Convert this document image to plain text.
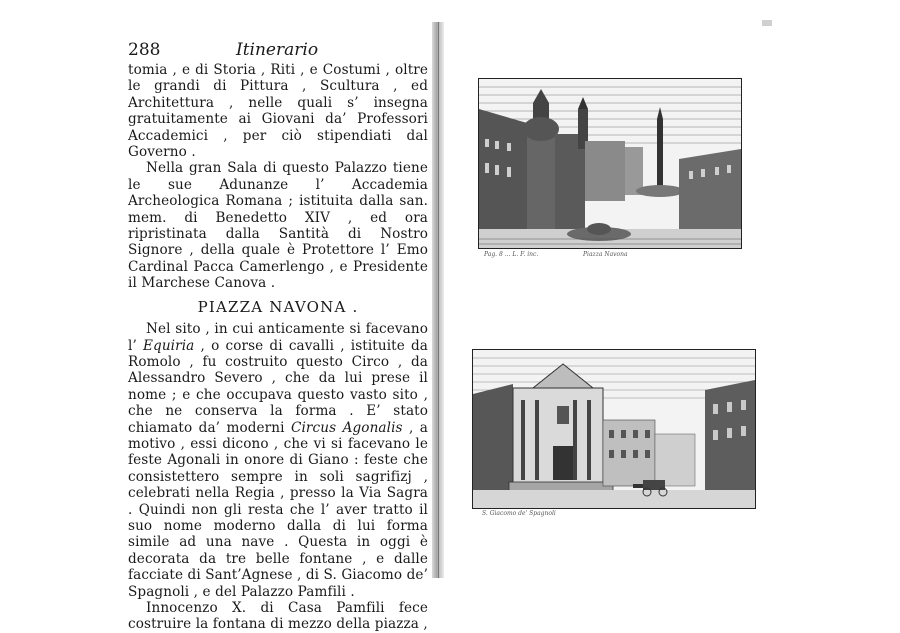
288	Itinerario

tomia , e di Storia , Riti , e Costumi , oltre le grandi di Pittura , Scultura , ed Architettura , nelle quali s’ insegna gratuitamente ai Giovani da’ Professori Accademici , per ciò stipendiati dal Governo .

Nella gran Sala di questo Palazzo tiene le sue Adunanze l’ Accademia Archeologica Romana ; istituita dalla san. mem. di Benedetto XIV , ed ora ripristinata dalla Santità di Nostro Signore , della quale è Protettore l’ Emo Cardinal Pacca Camerlengo , e Presidente il Marchese Canova .

PIAZZA NAVONA .

Nel sito , in cui anticamente si facevano l’ Equiria , o corse di cavalli , istituite da Romolo , fu costruito questo Circo , da Alessandro Severo , che da lui prese il nome ; e che occupava questo vasto sito , che ne conserva la forma . E’ stato chiamato da’ moderni Circus Agonalis , a motivo , essi dicono , che vi si facevano le feste Agonali in onore di Giano : feste che consistettero sempre in soli sagrifizj , celebrati nella Regia , presso la Via Sagra . Quindi non gli resta che l’ aver tratto il suo nome moderno dalla di lui forma simile ad una nave . Questa in oggi è decorata da tre belle fontane , e dalle facciate di Sant’Agnese , di S. Giacomo de’ Spagnoli , e del Palazzo Pamfili .

Innocenzo X. di Casa Pamfili fece costruire la fontana di mezzo della piazza ,

Pag. 8 ... L. F. inc.	Piazza Navona
S. Giacomo de' Spagnoli
